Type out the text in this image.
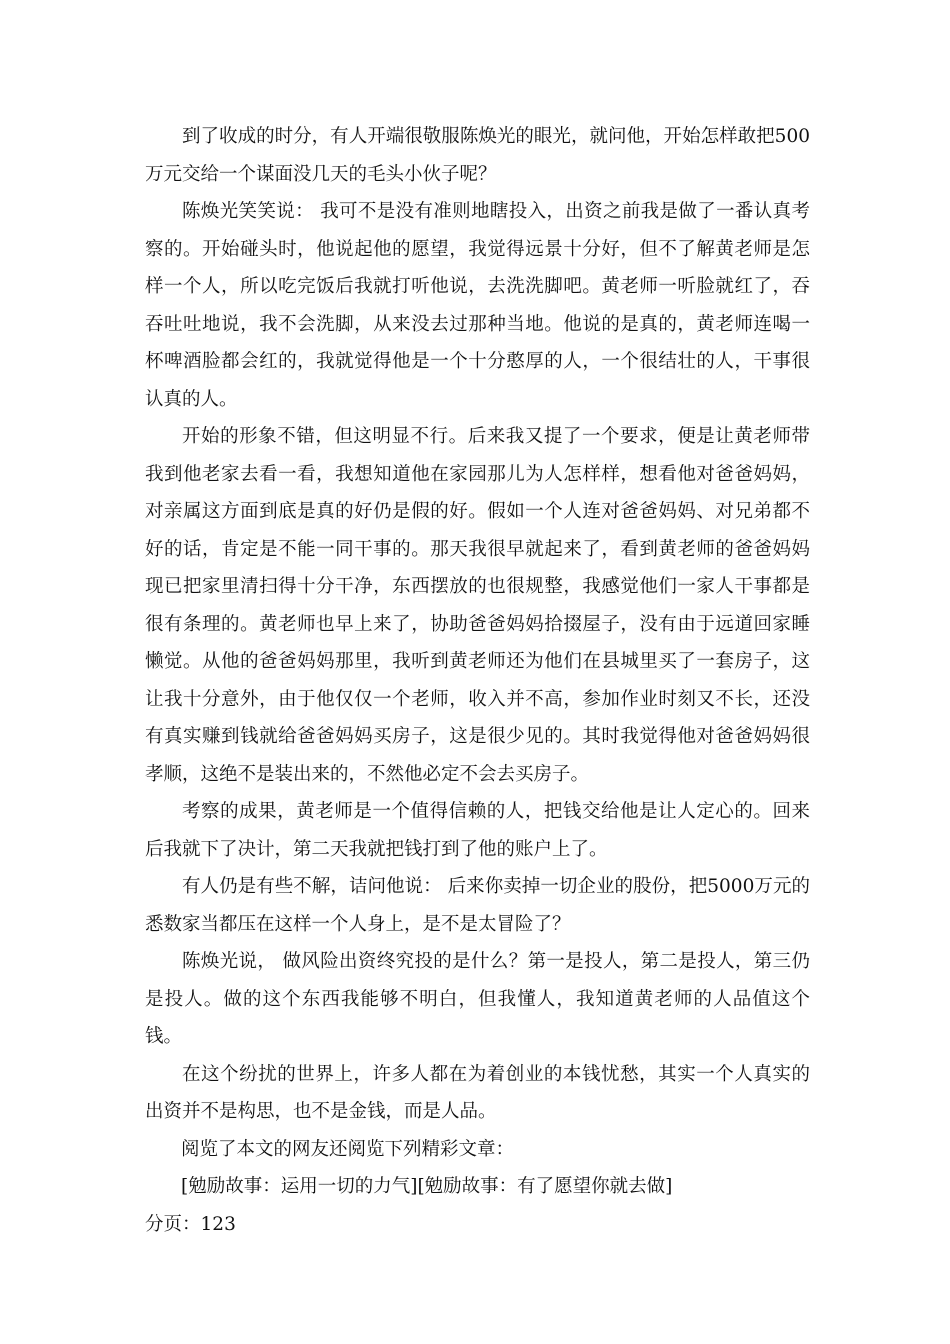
到了收成的时分，有人开端很敬服陈焕光的眼光，就问他，开始怎样敢把500万元交给一个谋面没几天的毛头小伙子呢？

陈焕光笑笑说： 我可不是没有准则地瞎投入，出资之前我是做了一番认真考察的。开始碰头时，他说起他的愿望，我觉得远景十分好，但不了解黄老师是怎样一个人，所以吃完饭后我就打听他说，去洗洗脚吧。黄老师一听脸就红了，吞吞吐吐地说，我不会洗脚，从来没去过那种当地。他说的是真的，黄老师连喝一杯啤酒脸都会红的，我就觉得他是一个十分憨厚的人，一个很结壮的人，干事很认真的人。

开始的形象不错，但这明显不行。后来我又提了一个要求，便是让黄老师带我到他老家去看一看，我想知道他在家园那儿为人怎样样，想看他对爸爸妈妈，对亲属这方面到底是真的好仍是假的好。假如一个人连对爸爸妈妈、对兄弟都不好的话，肯定是不能一同干事的。那天我很早就起来了，看到黄老师的爸爸妈妈现已把家里清扫得十分干净，东西摆放的也很规整，我感觉他们一家人干事都是很有条理的。黄老师也早上来了，协助爸爸妈妈拾掇屋子，没有由于远道回家睡懒觉。从他的爸爸妈妈那里，我听到黄老师还为他们在县城里买了一套房子，这让我十分意外，由于他仅仅一个老师，收入并不高，参加作业时刻又不长，还没有真实赚到钱就给爸爸妈妈买房子，这是很少见的。其时我觉得他对爸爸妈妈很孝顺，这绝不是装出来的，不然他必定不会去买房子。

考察的成果，黄老师是一个值得信赖的人，把钱交给他是让人定心的。回来后我就下了决计，第二天我就把钱打到了他的账户上了。

有人仍是有些不解，诘问他说： 后来你卖掉一切企业的股份，把5000万元的悉数家当都压在这样一个人身上，是不是太冒险了？

陈焕光说， 做风险出资终究投的是什么？第一是投人，第二是投人，第三仍是投人。做的这个东西我能够不明白，但我懂人，我知道黄老师的人品值这个钱。

在这个纷扰的世界上，许多人都在为着创业的本钱忧愁，其实一个人真实的出资并不是构思，也不是金钱，而是人品。

阅览了本文的网友还阅览下列精彩文章：

[勉励故事：运用一切的力气][勉励故事：有了愿望你就去做]

分页：123
